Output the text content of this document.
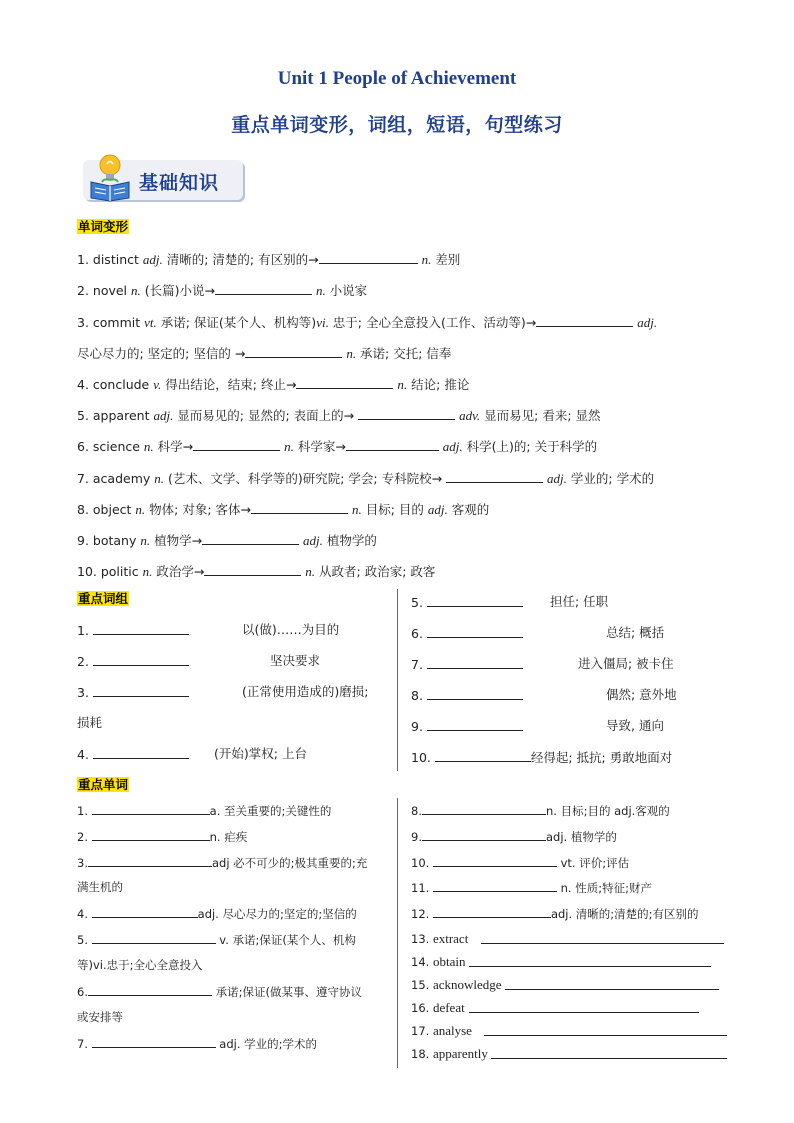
Unit 1 People of Achievement
重点单词变形，词组，短语，句型练习
基础知识
单词变形
1. distinct adj. 清晰的; 清楚的; 有区别的→	n. 差别
2. novel n. (长篇)小说→	n. 小说家
3. commit vt. 承诺; 保证(某个人、机构等)vi. 忠于; 全心全意投入(工作、活动等)→	adj.
尽心尽力的; 坚定的; 坚信的 →	n. 承诺; 交托; 信奉
4. conclude v. 得出结论，结束; 终止→	n. 结论; 推论
5. apparent adj. 显而易见的; 显然的; 表面上的→	adv. 显而易见; 看来; 显然
6. science n. 科学→	n. 科学家→	adj. 科学(上)的; 关于科学的
7. academy n. (艺术、文学、科学等的)研究院; 学会; 专科院校→	adj. 学业的; 学术的
8. object n. 物体; 对象; 客体→	n. 目标; 目的 adj. 客观的
9. botany n. 植物学→	adj. 植物学的
10. politic n. 政治学→	n. 从政者; 政治家; 政客
重点词组
1.	以(做)……为目的
2.	坚决要求
3.	(正常使用造成的)磨损;
损耗
4.	(开始)掌权; 上台
5.	担任; 任职
6.	总结; 概括
7.	进入僵局; 被卡住
8.	偶然; 意外地
9.	导致, 通向
10.	经得起; 抵抗; 勇敢地面对
重点单词
1.	a. 至关重要的;关键性的
2.	n. 疟疾
3.	adj 必不可少的;极其重要的;充
满生机的
4.	adj. 尽心尽力的;坚定的;坚信的
5.	v. 承诺;保证(某个人、机构
等)vi.忠于;全心全意投入
6.	承诺;保证(做某事、遵守协议
或安排等
7.	adj. 学业的;学术的
8.	n. 目标;目的 adj.客观的
9.	adj. 植物学的
10.	vt. 评价;评估
11.	n. 性质;特征;财产
12.	adj. 清晰的;清楚的;有区别的
13. extract
14. obtain
15. acknowledge
16. defeat
17. analyse
18. apparently
